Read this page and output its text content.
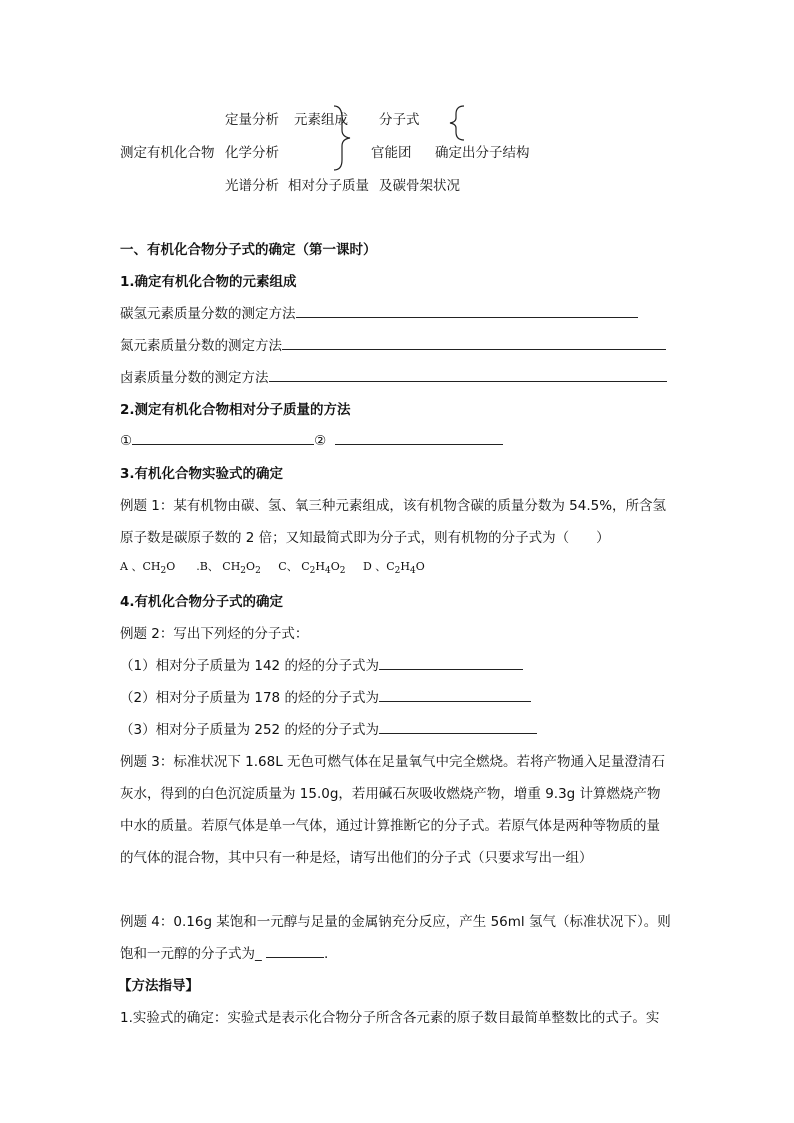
定量分析 元素组成 分子式
测定有机化合物 化学分析	官能团 确定出分子结构
光谱分析 相对分子质量 及碳骨架状况
一、有机化合物分子式的确定（第一课时）
1.确定有机化合物的元素组成
碳氢元素质量分数的测定方法
氮元素质量分数的测定方法
卤素质量分数的测定方法
2.测定有机化合物相对分子质量的方法
①	②
3.有机化合物实验式的确定
例题 1：某有机物由碳、氢、氧三种元素组成，该有机物含碳的质量分数为 54.5%，所含氢
原子数是碳原子数的 2 倍；又知最简式即为分子式，则有机物的分子式为（　　）
A 、$CH_2O$ .B、 $CH_2O_2$ C、 $C_2H_4O_2$ D 、$C_2H_4O$
4.有机化合物分子式的确定
例题 2：写出下列烃的分子式：
（1）相对分子质量为 142 的烃的分子式为
（2）相对分子质量为 178 的烃的分子式为
（3）相对分子质量为 252 的烃的分子式为
例题 3：标准状况下 1.68L 无色可燃气体在足量氧气中完全燃烧。若将产物通入足量澄清石
灰水，得到的白色沉淀质量为 15.0g，若用碱石灰吸收燃烧产物，增重 9.3g 计算燃烧产物
中水的质量。若原气体是单一气体，通过计算推断它的分子式。若原气体是两种等物质的量
的气体的混合物，其中只有一种是烃，请写出他们的分子式（只要求写出一组）
例题 4：0.16g 某饱和一元醇与足量的金属钠充分反应，产生 56ml 氢气（标准状况下）。则
饱和一元醇的分子式为_	.
【方法指导】
1.实验式的确定：实验式是表示化合物分子所含各元素的原子数目最简单整数比的式子。实
